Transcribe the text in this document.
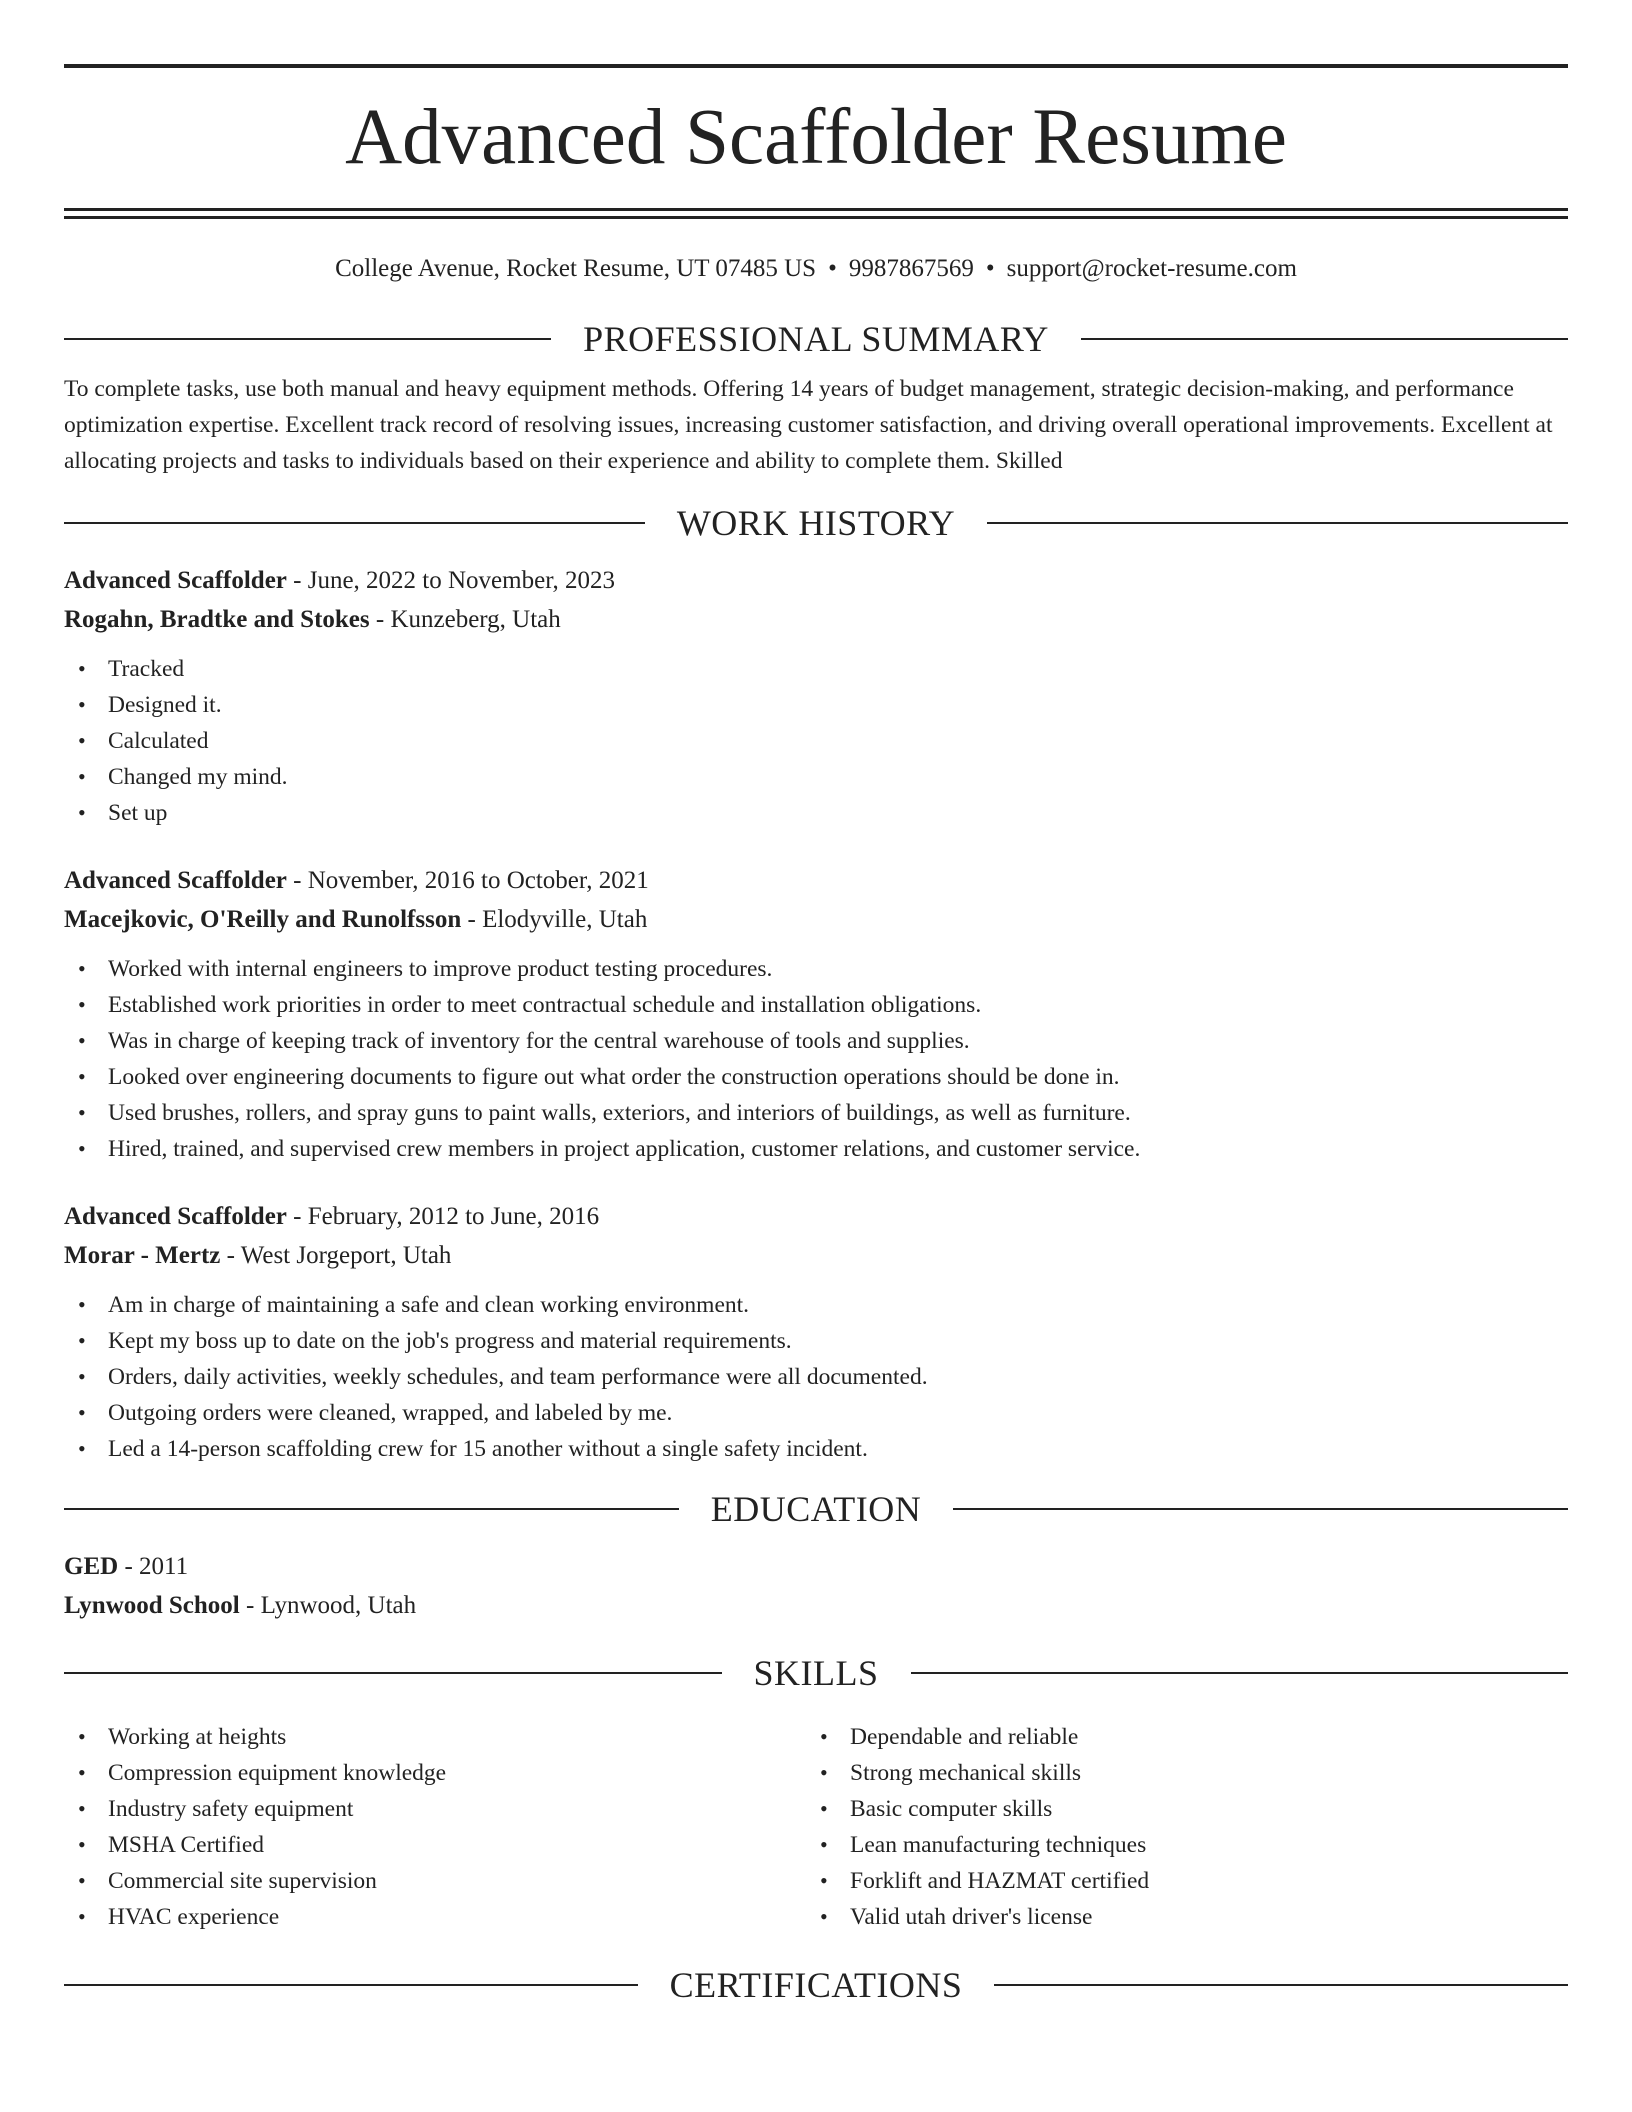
Advanced Scaffolder Resume
College Avenue, Rocket Resume, UT 07485 US • 9987867569 • support@rocket-resume.com
PROFESSIONAL SUMMARY

To complete tasks, use both manual and heavy equipment methods. Offering 14 years of budget management, strategic decision-making, and performance optimization expertise. Excellent track record of resolving issues, increasing customer satisfaction, and driving overall operational improvements. Excellent at allocating projects and tasks to individuals based on their experience and ability to complete them. Skilled

WORK HISTORY
Advanced Scaffolder - June, 2022 to November, 2023
Rogahn, Bradtke and Stokes - Kunzeberg, Utah
• Tracked
• Designed it.
• Calculated
• Changed my mind.
• Set up
Advanced Scaffolder - November, 2016 to October, 2021
Macejkovic, O'Reilly and Runolfsson - Elodyville, Utah
• Worked with internal engineers to improve product testing procedures.
• Established work priorities in order to meet contractual schedule and installation obligations.
• Was in charge of keeping track of inventory for the central warehouse of tools and supplies.
• Looked over engineering documents to figure out what order the construction operations should be done in.
• Used brushes, rollers, and spray guns to paint walls, exteriors, and interiors of buildings, as well as furniture.
• Hired, trained, and supervised crew members in project application, customer relations, and customer service.
Advanced Scaffolder - February, 2012 to June, 2016
Morar - Mertz - West Jorgeport, Utah
• Am in charge of maintaining a safe and clean working environment.
• Kept my boss up to date on the job's progress and material requirements.
• Orders, daily activities, weekly schedules, and team performance were all documented.
• Outgoing orders were cleaned, wrapped, and labeled by me.
• Led a 14-person scaffolding crew for 15 another without a single safety incident.
EDUCATION
GED - 2011
Lynwood School - Lynwood, Utah
SKILLS
• Working at heights
• Compression equipment knowledge
• Industry safety equipment
• MSHA Certified
• Commercial site supervision
• HVAC experience
• Dependable and reliable
• Strong mechanical skills
• Basic computer skills
• Lean manufacturing techniques
• Forklift and HAZMAT certified
• Valid utah driver's license
CERTIFICATIONS
